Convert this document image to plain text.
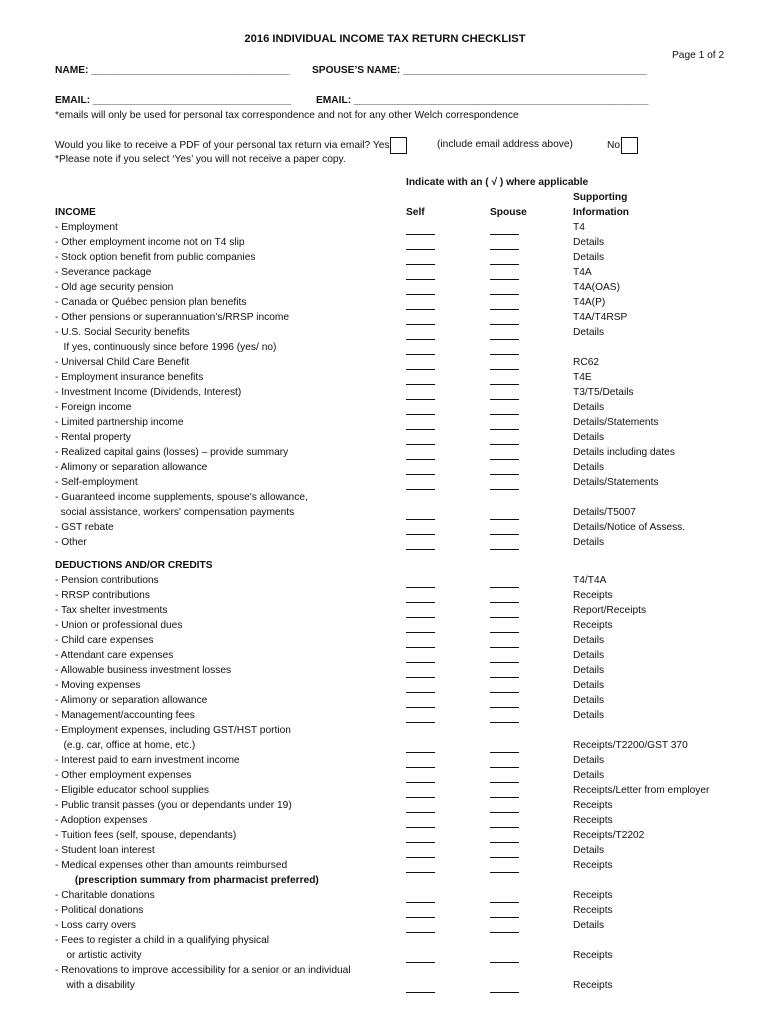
2016 INDIVIDUAL INCOME TAX RETURN CHECKLIST
Page 1 of 2
NAME: ___________________________________ SPOUSE’S NAME: ___________________________________________
EMAIL: ___________________________________ EMAIL: ____________________________________________________
*emails will only be used for personal tax correspondence and not for any other Welch correspondence
Would you like to receive a PDF of your personal tax return via email? Yes	(include email address above)	No
*Please note if you select ‘Yes’ you will not receive a paper copy.
Indicate with an ( √ ) where applicable
Supporting
Self	Spouse	Information
INCOME
- Employment	T4
- Other employment income not on T4 slip	Details
- Stock option benefit from public companies	Details
- Severance package	T4A
- Old age security pension	T4A(OAS)
- Canada or Québec pension plan benefits	T4A(P)
- Other pensions or superannuation’s/RRSP income	T4A/T4RSP
- U.S. Social Security benefits	Details
If yes, continuously since before 1996 (yes/ no)
- Universal Child Care Benefit	RC62
- Employment insurance benefits	T4E
- Investment Income (Dividends, Interest)	T3/T5/Details
- Foreign income	Details
- Limited partnership income	Details/Statements
- Rental property	Details
- Realized capital gains (losses) – provide summary	Details including dates
- Alimony or separation allowance	Details
- Self-employment	Details/Statements
- Guaranteed income supplements, spouse's allowance,
social assistance, workers' compensation payments	Details/T5007
- GST rebate	Details/Notice of Assess.
- Other	Details
DEDUCTIONS AND/OR CREDITS
- Pension contributions	T4/T4A
- RRSP contributions	Receipts
- Tax shelter investments	Report/Receipts
- Union or professional dues	Receipts
- Child care expenses	Details
- Attendant care expenses	Details
- Allowable business investment losses	Details
- Moving expenses	Details
- Alimony or separation allowance	Details
- Management/accounting fees	Details
- Employment expenses, including GST/HST portion
(e.g. car, office at home, etc.)	Receipts/T2200/GST 370
- Interest paid to earn investment income	Details
- Other employment expenses	Details
- Eligible educator school supplies	Receipts/Letter from employer
- Public transit passes (you or dependants under 19)	Receipts
- Adoption expenses	Receipts
- Tuition fees (self, spouse, dependants)	Receipts/T2202
- Student loan interest	Details
- Medical expenses other than amounts reimbursed	Receipts
(prescription summary from pharmacist preferred)
- Charitable donations	Receipts
- Political donations	Receipts
- Loss carry overs	Details
- Fees to register a child in a qualifying physical
or artistic activity	Receipts
- Renovations to improve accessibility for a senior or an individual
with a disability	Receipts
